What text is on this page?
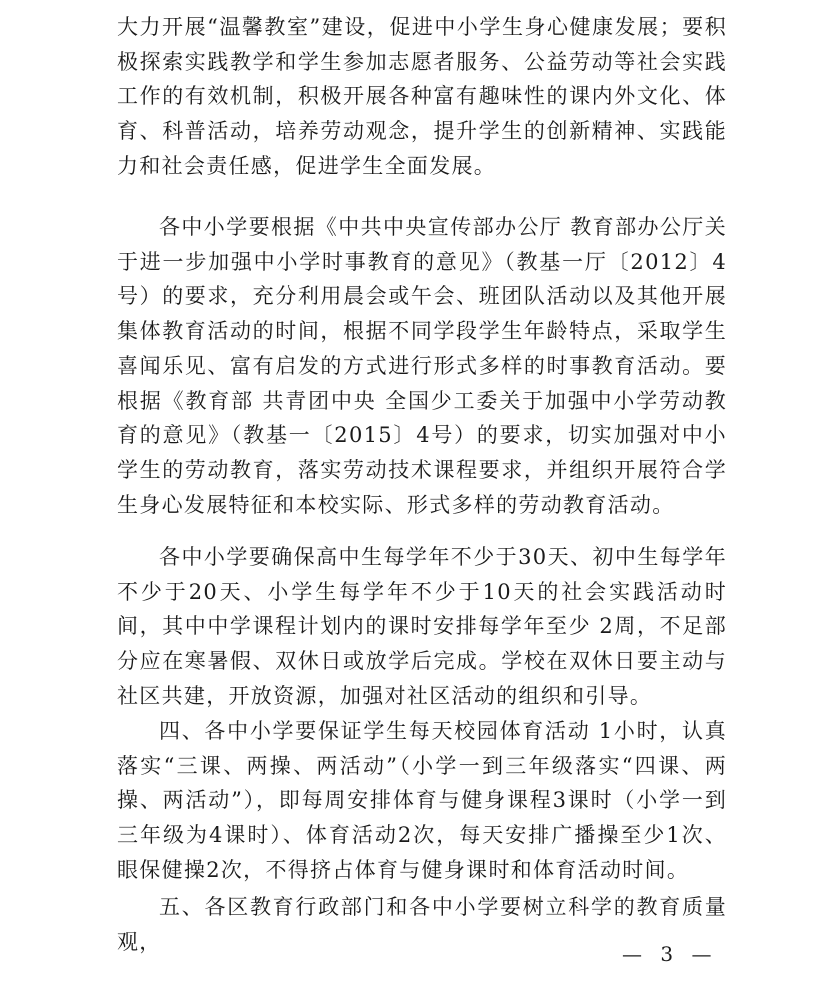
大力开展“温馨教室”建设，促进中小学生身心健康发展；要积极探索实践教学和学生参加志愿者服务、公益劳动等社会实践工作的有效机制，积极开展各种富有趣味性的课内外文化、体育、科普活动，培养劳动观念，提升学生的创新精神、实践能力和社会责任感，促进学生全面发展。

各中小学要根据《中共中央宣传部办公厅 教育部办公厅关于进一步加强中小学时事教育的意见》（教基一厅〔2012〕4号）的要求，充分利用晨会或午会、班团队活动以及其他开展集体教育活动的时间，根据不同学段学生年龄特点，采取学生喜闻乐见、富有启发的方式进行形式多样的时事教育活动。要根据《教育部 共青团中央 全国少工委关于加强中小学劳动教育的意见》（教基一〔2015〕4号）的要求，切实加强对中小学生的劳动教育，落实劳动技术课程要求，并组织开展符合学生身心发展特征和本校实际、形式多样的劳动教育活动。

各中小学要确保高中生每学年不少于30天、初中生每学年不少于20天、小学生每学年不少于10天的社会实践活动时间，其中中学课程计划内的课时安排每学年至少 2周，不足部分应在寒暑假、双休日或放学后完成。学校在双休日要主动与社区共建，开放资源，加强对社区活动的组织和引导。

四、各中小学要保证学生每天校园体育活动 1小时，认真落实“三课、两操、两活动”（小学一到三年级落实“四课、两操、两活动”），即每周安排体育与健身课程3课时（小学一到三年级为4课时）、体育活动2次，每天安排广播操至少1次、眼保健操2次，不得挤占体育与健身课时和体育活动时间。

五、各区教育行政部门和各中小学要树立科学的教育质量观，

— 3 —
